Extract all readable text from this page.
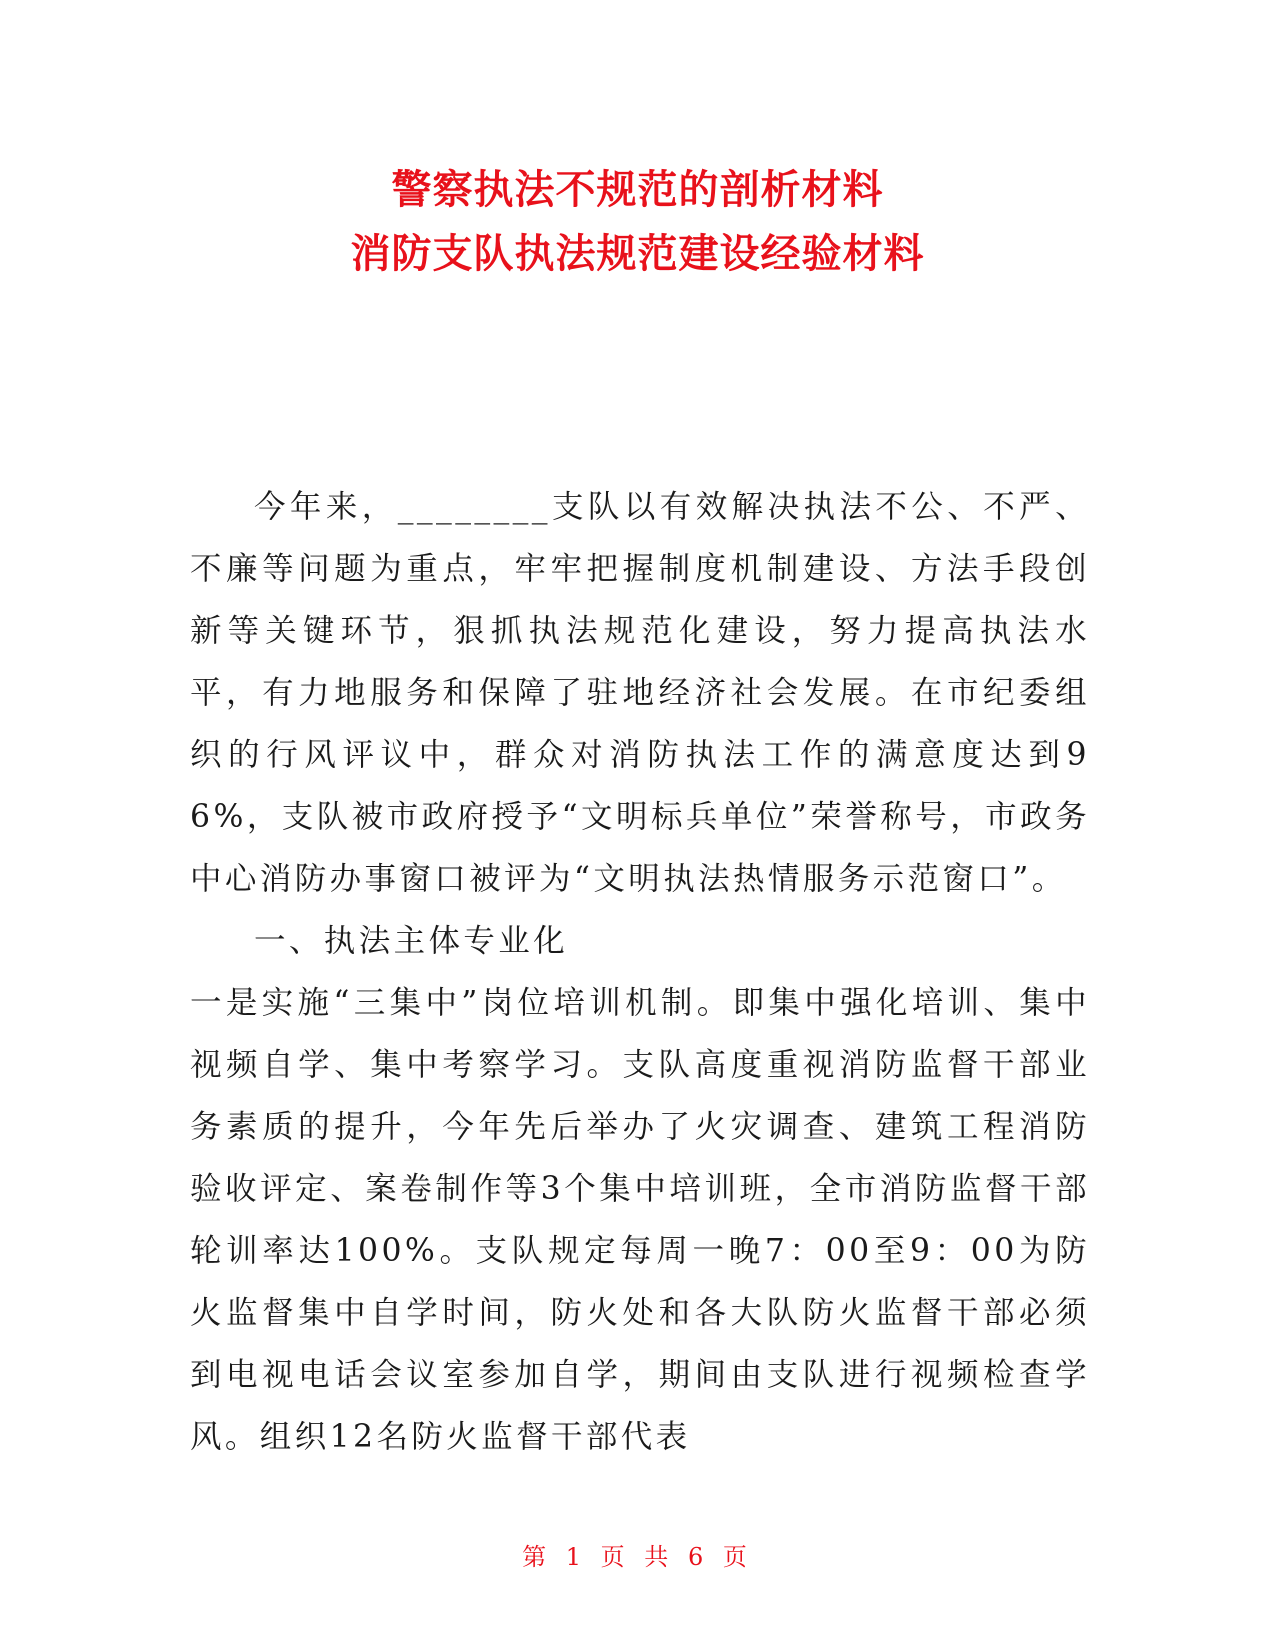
警察执法不规范的剖析材料

消防支队执法规范建设经验材料

今年来，________支队以有效解决执法不公、不严、不廉等问题为重点，牢牢把握制度机制建设、方法手段创新等关键环节，狠抓执法规范化建设，努力提高执法水平，有力地服务和保障了驻地经济社会发展。在市纪委组织的行风评议中，群众对消防执法工作的满意度达到96%，支队被市政府授予“文明标兵单位”荣誉称号，市政务中心消防办事窗口被评为“文明执法热情服务示范窗口”。

一、执法主体专业化

一是实施“三集中”岗位培训机制。即集中强化培训、集中视频自学、集中考察学习。支队高度重视消防监督干部业务素质的提升，今年先后举办了火灾调查、建筑工程消防验收评定、案卷制作等3个集中培训班，全市消防监督干部轮训率达100%。支队规定每周一晚7：00至9：00为防火监督集中自学时间，防火处和各大队防火监督干部必须到电视电话会议室参加自学，期间由支队进行视频检查学风。组织12名防火监督干部代表

第 1 页 共 6 页
